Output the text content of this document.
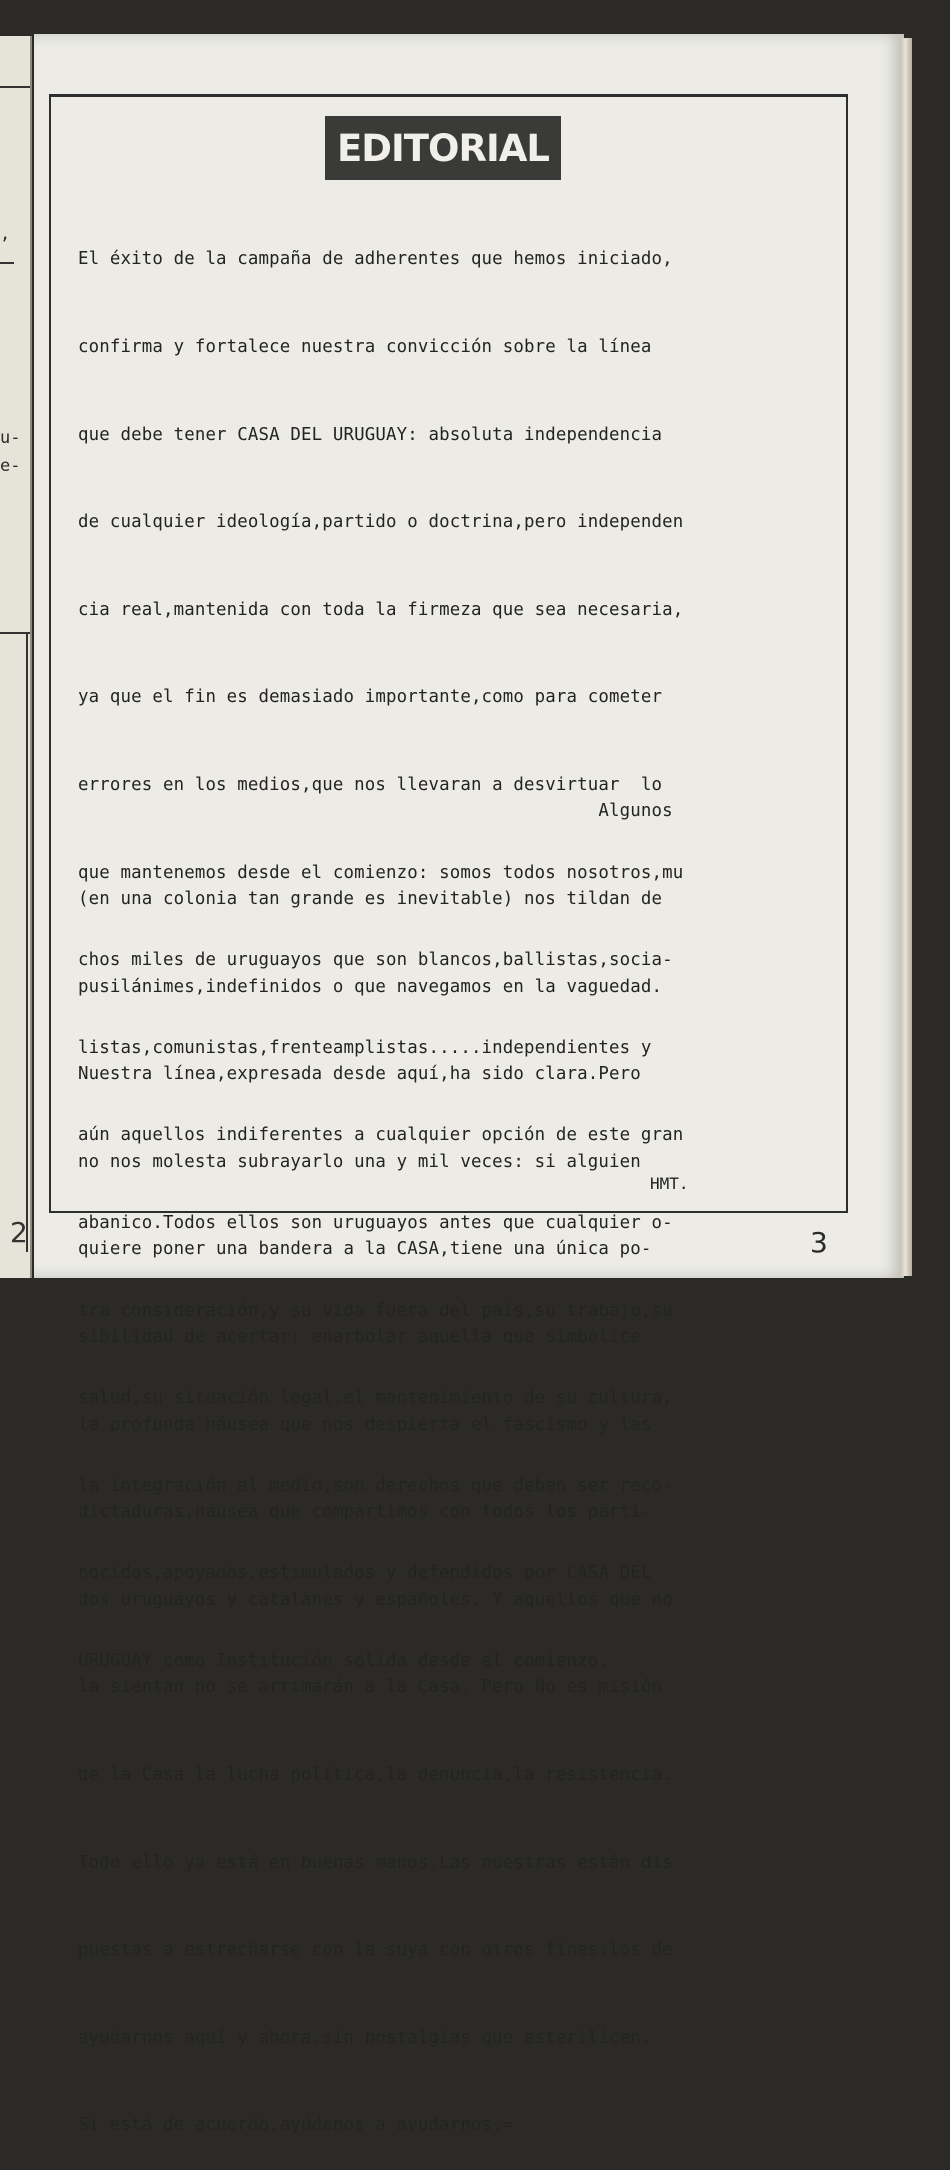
,
u-
e-
2
EDITORIAL

El éxito de la campaña de adherentes que hemos iniciado,

confirma y fortalece nuestra convicción sobre la línea

que debe tener CASA DEL URUGUAY: absoluta independencia

de cualquier ideología,partido o doctrina,pero independen

cia real,mantenida con toda la firmeza que sea necesaria,

ya que el fin es demasiado importante,como para cometer

errores en los medios,que nos llevaran a desvirtuar  lo

que mantenemos desde el comienzo: somos todos nosotros,mu

chos miles de uruguayos que son blancos,ballistas,socia-

listas,comunistas,frenteamplistas.....independientes y

aún aquellos indiferentes a cualquier opción de este gran

abanico.Todos ellos son uruguayos antes que cualquier o-

tra consideración,y su vida fuera del país,su trabajo,su

salud,su situación legal,el mantenimiento de su cultura,

la integración al medio,son derechos que deben ser reco-

nocidos,apoyados,estimulados y defendidos por CASA DEL

URUGUAY como Institución sólida desde el comienzo.

Algunos

(en una colonia tan grande es inevitable) nos tildan de

pusilánimes,indefinidos o que navegamos en la vaguedad.

Nuestra línea,expresada desde aquí,ha sido clara.Pero

no nos molesta subrayarlo una y mil veces: si alguien

quiere poner una bandera a la CASA,tiene una única po-

sibilidad de acertar: enarbolar aquella que simbolice

la profunda náusea que nos despierta el fascismo y las

dictaduras,naúsea que compartimos con todos los parti-

dos uruguayos y catalanes y españoles. Y aquellos que no

la sientan no se arrimarán a la Casa. Pero No es misión

de la Casa la lucha política,la denuncia,la resistencia.

Todo ello ya está en buenas manos.Las nuestras están dis

puestas a estrecharse con la suya con otros fines:los de

ayudarnos aquí y ahora,sin nostalgias que esterilicen.

Si está de acuerdo,ayúdenos a ayudarnos.=

HMT.
3
